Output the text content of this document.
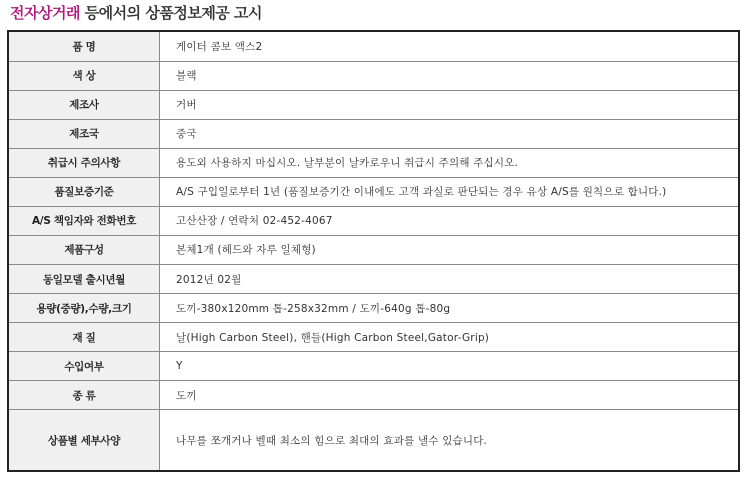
전자상거래 등에서의 상품정보제공 고시
품 명	게이터 콤보 액스2
색 상	블랙
제조사	거버
제조국	중국
취급시 주의사항	용도외 사용하지 마십시오. 날부분이 날카로우니 취급시 주의해 주십시오.
품질보증기준	A/S 구입일로부터 1년 (품질보증기간 이내에도 고객 과실로 판단되는 경우 유상 A/S를 원칙으로 합니다.)
A/S 책임자와 전화번호	고산산장 / 연락처 02-452-4067
제품구성	본체1개 (헤드와 자루 일체형)
동일모델 출시년월	2012년 02월
용량(중량),수량,크기	도끼-380x120mm 톱-258x32mm / 도끼-640g 톱-80g
재 질	날(High Carbon Steel), 핸들(High Carbon Steel,Gator-Grip)
수입여부	Y
종 류	도끼
상품별 세부사양	나무를 쪼개거나 벨때 최소의 힘으로 최대의 효과를 낼수 있습니다.
